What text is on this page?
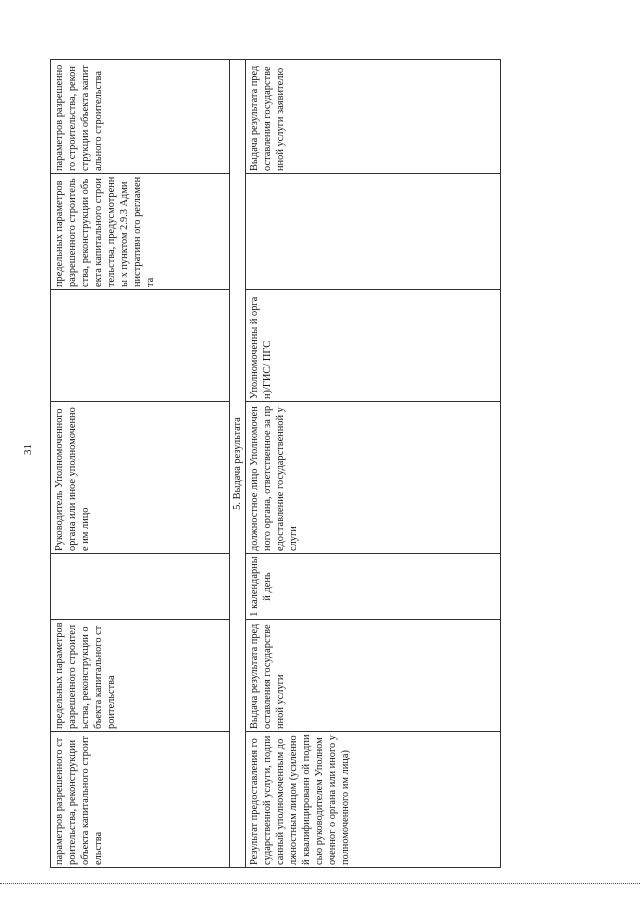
31
параметров разрешенного строительства, реконструкции объекта капитального строительства	предельных параметров разрешенного строительства, реконструкции объекта капитального строительства		Руководитель Уполномоченного органа или иное уполномоченное им лицо		предельных параметров разрешенного строительства, реконструкции объекта капитального строительства, предусмотренны х пунктом 2.9.3 Административн ого регламента	параметров разрешенного строительства, реконструкции объекта капитального строительства
5. Выдача результата						
Результат предоставления государственной услуги, подписанный уполномоченным должностным лицом (усиленной квалифицированн ой подписью руководителем Уполномоченног о органа или иного уполномоченного им лица)	Выдача результата предоставления государственной услуги	1 календарный день	должностное лицо Уполномоченного органа, ответственное за предоставление государственной услуги	Уполномоченны й орган)/ГИС/ ПГС		Выдача результата предоставления государственной услуги заявителю
